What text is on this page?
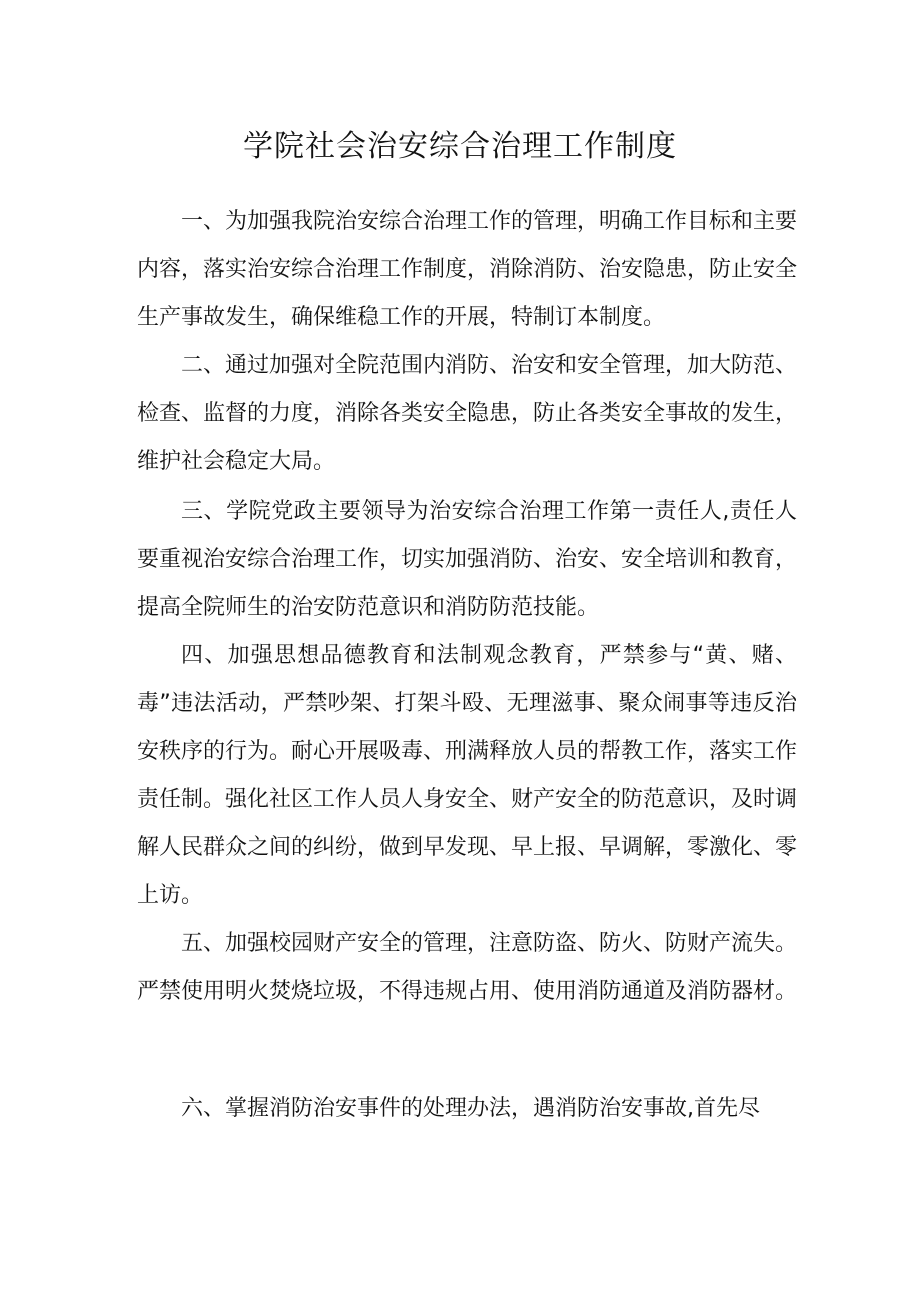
学院社会治安综合治理工作制度

一、为加强我院治安综合治理工作的管理，明确工作目标和主要内容，落实治安综合治理工作制度，消除消防、治安隐患，防止安全生产事故发生，确保维稳工作的开展，特制订本制度。

二、通过加强对全院范围内消防、治安和安全管理，加大防范、检查、监督的力度，消除各类安全隐患，防止各类安全事故的发生，维护社会稳定大局。

三、学院党政主要领导为治安综合治理工作第一责任人,责任人要重视治安综合治理工作，切实加强消防、治安、安全培训和教育，提高全院师生的治安防范意识和消防防范技能。

四、加强思想品德教育和法制观念教育，严禁参与“黄、赌、毒”违法活动，严禁吵架、打架斗殴、无理滋事、聚众闹事等违反治安秩序的行为。耐心开展吸毒、刑满释放人员的帮教工作，落实工作责任制。强化社区工作人员人身安全、财产安全的防范意识，及时调解人民群众之间的纠纷，做到早发现、早上报、早调解，零激化、零上访。

五、加强校园财产安全的管理，注意防盗、防火、防财产流失。严禁使用明火焚烧垃圾，不得违规占用、使用消防通道及消防器材。

六、掌握消防治安事件的处理办法，遇消防治安事故,首先尽
